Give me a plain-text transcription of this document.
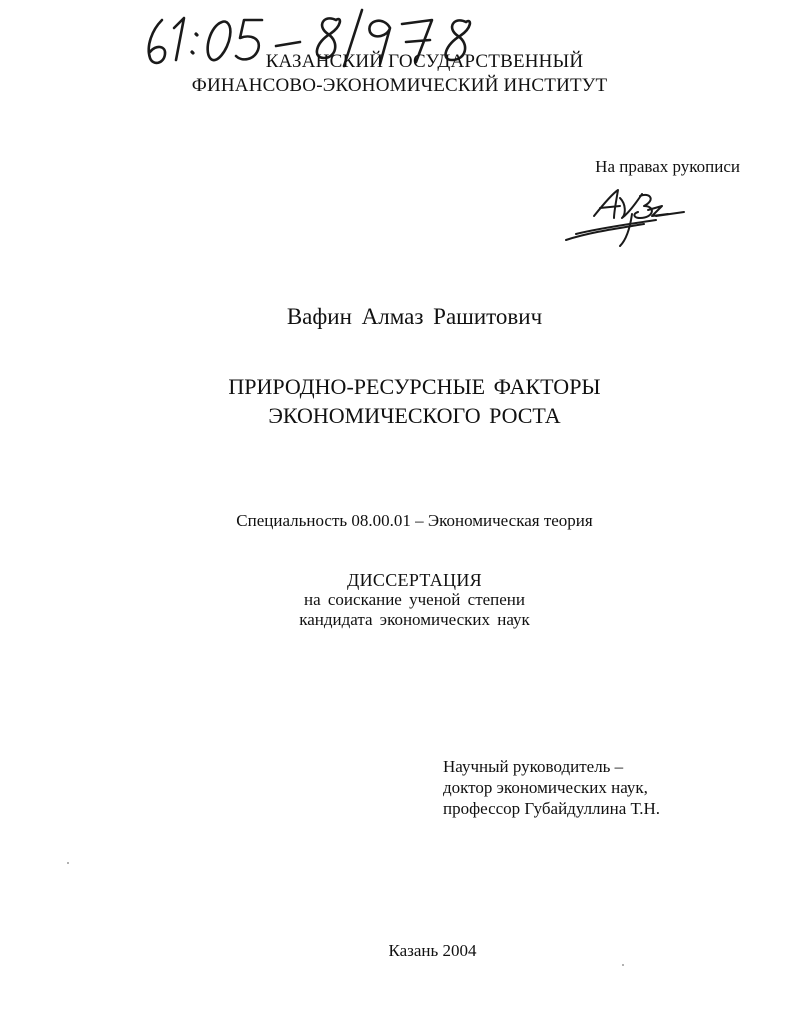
КАЗАНСКИЙ ГОСУДАРСТВЕННЫЙ
ФИНАНСОВО-ЭКОНОМИЧЕСКИЙ ИНСТИТУТ
На правах рукописи
Вафин Алмаз Рашитович
ПРИРОДНО-РЕСУРСНЫЕ ФАКТОРЫ
ЭКОНОМИЧЕСКОГО РОСТА
Специальность 08.00.01 – Экономическая теория
ДИССЕРТАЦИЯ
на соискание ученой степени
кандидата экономических наук
Научный руководитель –
доктор экономических наук,
профессор Губайдуллина Т.Н.
Казань 2004
